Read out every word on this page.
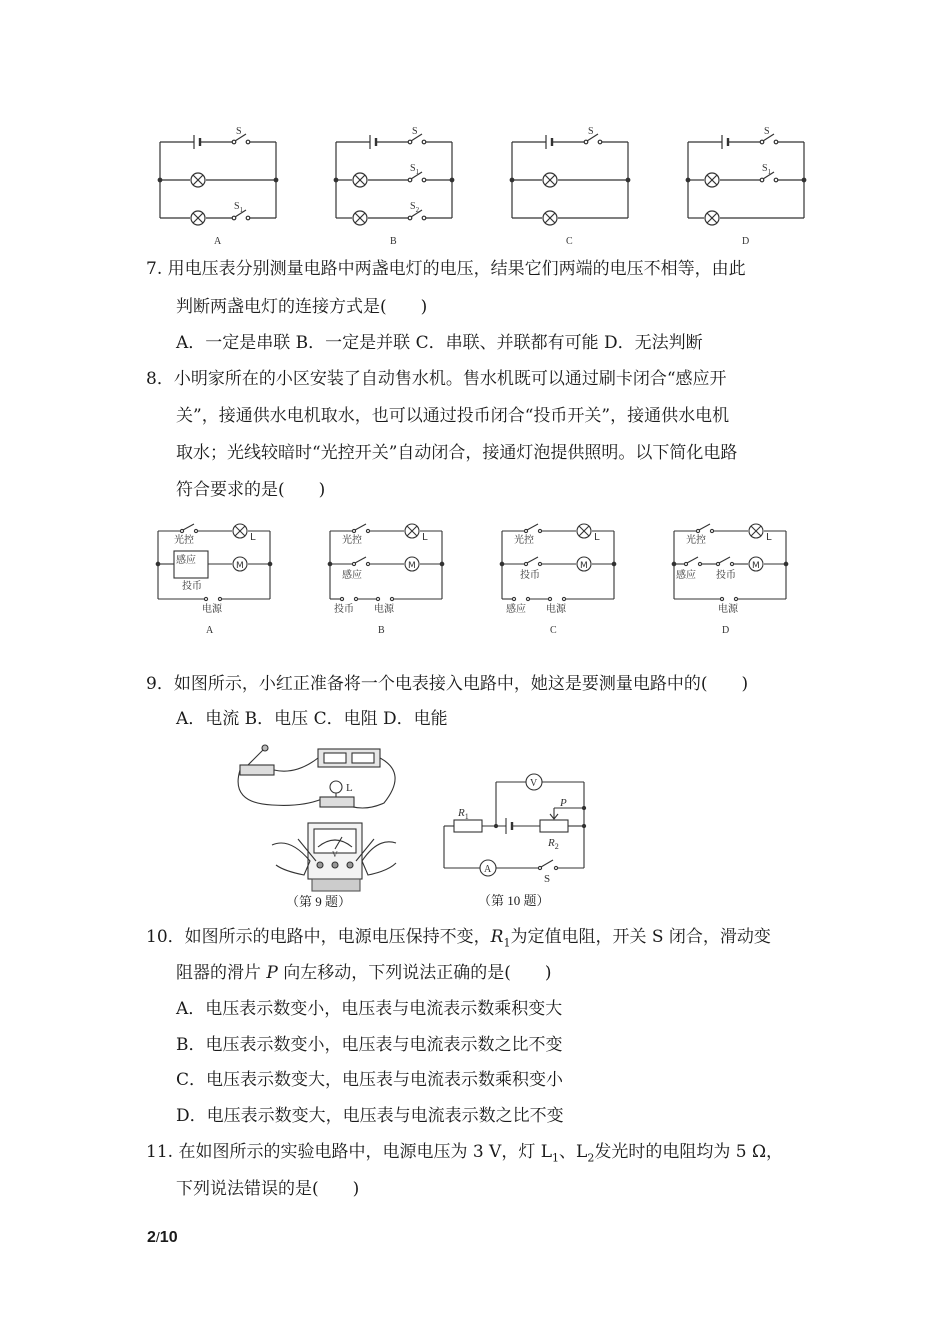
S
$S_1$
A
S
$S_1$
$S_2$
B
S
C
S
$S_1$
D
7. 用电压表分别测量电路中两盏电灯的电压，结果它们两端的电压不相等，由此
判断两盏电灯的连接方式是(　　)
A．一定是串联 B．一定是并联 C．串联、并联都有可能 D．无法判断
8．小明家所在的小区安装了自动售水机。售水机既可以通过刷卡闭合“感应开
关”，接通供水电机取水，也可以通过投币闭合“投币开关”，接通供水电机
取水；光线较暗时“光控开关”自动闭合，接通灯泡提供照明。以下简化电路
符合要求的是(　　)
光控	L
感应
投币
M
电源
A
光控	L
感应
M
投币 电源
B
光控	L
投币
M
感应 电源
C
光控	L
感应 投币
M
电源
D
9．如图所示，小红正准备将一个电表接入电路中，她这是要测量电路中的(　　)
A．电流 B．电压 C．电阻 D．电能
L
V
（第 9 题）
V
P
$R_1$
$R_2$
A
S
（第 10 题）
10．如图所示的电路中，电源电压保持不变，$R_1$为定值电阻，开关 S 闭合，滑动变
阻器的滑片 P 向左移动，下列说法正确的是(　　)
A．电压表示数变小，电压表与电流表示数乘积变大
B．电压表示数变小，电压表与电流表示数之比不变
C．电压表示数变大，电压表与电流表示数乘积变小
D．电压表示数变大，电压表与电流表示数之比不变
11. 在如图所示的实验电路中，电源电压为 3 V，灯 $L_1$、$L_2$发光时的电阻均为 5 Ω，
下列说法错误的是(　　)
2/10
